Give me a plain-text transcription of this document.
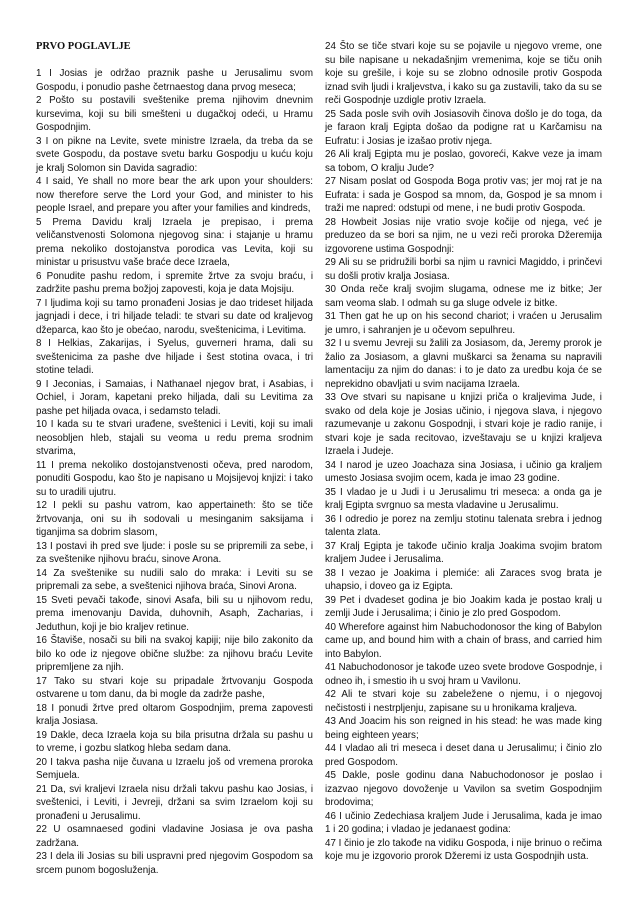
PRVO POGLAVLJE

1 I Josias je održao praznik pashe u Jerusalimu svom Gospodu, i ponudio pashe četrnaestog dana prvog meseca;

2 Pošto su postavili sveštenike prema njihovim dnevnim kursevima, koji su bili smešteni u dugačkoj odeći, u Hramu Gospodnjim.

3 I on pikne na Levite, svete ministre Izraela, da treba da se svete Gospodu, da postave svetu barku Gospodju u kuću koju je kralj Solomon sin Davida sagradio:

4 I said, Ye shall no more bear the ark upon your shoulders: now therefore serve the Lord your God, and minister to his people Israel, and prepare you after your families and kindreds,

5 Prema Davidu kralj Izraela je prepisao, i prema veličanstvenosti Solomona njegovog sina: i stajanje u hramu prema nekoliko dostojanstva porodica vas Levita, koji su ministar u prisustvu vaše braće dece Izraela,

6 Ponudite pashu redom, i spremite žrtve za svoju braću, i zadržite pashu prema božjoj zapovesti, koja je data Mojsiju.

7 I ljudima koji su tamo pronađeni Josias je dao trideset hiljada jagnjadi i dece, i tri hiljade teladi: te stvari su date od kraljevog džeparca, kao što je obećao, narodu, sveštenicima, i Levitima.

8 I Helkias, Zakarijas, i Syelus, guverneri hrama, dali su sveštenicima za pashe dve hiljade i šest stotina ovaca, i tri stotine teladi.

9 I Jeconias, i Samaias, i Nathanael njegov brat, i Asabias, i Ochiel, i Joram, kapetani preko hiljada, dali su Levitima za pashe pet hiljada ovaca, i sedamsto teladi.

10 I kada su te stvari urađene, sveštenici i Leviti, koji su imali neosobljen hleb, stajali su veoma u redu prema srodnim stvarima,

11 I prema nekoliko dostojanstvenosti očeva, pred narodom, ponuditi Gospodu, kao što je napisano u Mojsijevoj knjizi: i tako su to uradili ujutru.

12 I pekli su pashu vatrom, kao appertaineth: što se tiče žrtvovanja, oni su ih sodovali u mesinganim saksijama i tiganjima sa dobrim slasom,

13 I postavi ih pred sve ljude: i posle su se pripremili za sebe, i za sveštenike njihovu braću, sinove Arona.

14 Za sveštenike su nudili salo do mraka: i Leviti su se pripremali za sebe, a sveštenici njihova braća, Sinovi Arona.

15 Sveti pevači takođe, sinovi Asafa, bili su u njihovom redu, prema imenovanju Davida, duhovnih, Asaph, Zacharias, i Jeduthun, koji je bio kraljev retinue.

16 Štaviše, nosači su bili na svakoj kapiji; nije bilo zakonito da bilo ko ode iz njegove obične službe: za njihovu braću Levite pripremljene za njih.

17 Tako su stvari koje su pripadale žrtvovanju Gospoda ostvarene u tom danu, da bi mogle da zadrže pashe,

18 I ponudi žrtve pred oltarom Gospodnjim, prema zapovesti kralja Josiasa.

19 Dakle, deca Izraela koja su bila prisutna držala su pashu u to vreme, i gozbu slatkog hleba sedam dana.

20 I takva pasha nije čuvana u Izraelu još od vremena proroka Semjuela.

21 Da, svi kraljevi Izraela nisu držali takvu pashu kao Josias, i sveštenici, i Leviti, i Jevreji, držani sa svim Izraelom koji su pronađeni u Jerusalimu.

22 U osamnaesed godini vladavine Josiasa je ova pasha zadržana.

23 I dela ili Josias su bili uspravni pred njegovim Gospodom sa srcem punom bogosluženja.

24 Što se tiče stvari koje su se pojavile u njegovo vreme, one su bile napisane u nekadašnjim vremenima, koje se tiču onih koje su grešile, i koje su se zlobno odnosile protiv Gospoda iznad svih ljudi i kraljevstva, i kako su ga zustavili, tako da su se reči Gospodnje uzdigle protiv Izraela.

25 Sada posle svih ovih Josiasovih činova došlo je do toga, da je faraon kralj Egipta došao da podigne rat u Karčamisu na Eufratu: i Josias je izašao protiv njega.

26 Ali kralj Egipta mu je poslao, govoreći, Kakve veze ja imam sa tobom, O kralju Jude?

27 Nisam poslat od Gospoda Boga protiv vas; jer moj rat je na Eufrata: i sada je Gospod sa mnom, da, Gospod je sa mnom i traži me napred: odstupi od mene, i ne budi protiv Gospoda.

28 Howbeit Josias nije vratio svoje kočije od njega, već je preduzeo da se bori sa njim, ne u vezi reči proroka Džeremija izgovorene ustima Gospodnji:

29 Ali su se pridružili borbi sa njim u ravnici Magiddo, i prinčevi su došli protiv kralja Josiasa.

30 Onda reče kralj svojim slugama, odnese me iz bitke; Jer sam veoma slab. I odmah su ga sluge odvele iz bitke.

31 Then gat he up on his second chariot; i vraćen u Jerusalim je umro, i sahranjen je u očevom sepulhreu.

32 I u svemu Jevreji su žalili za Josiasom, da, Jeremy prorok je žalio za Josiasom, a glavni muškarci sa ženama su napravili lamentaciju za njim do danas: i to je dato za uredbu koja će se neprekidno obavljati u svim nacijama Izraela.

33 Ove stvari su napisane u knjizi priča o kraljevima Jude, i svako od dela koje je Josias učinio, i njegova slava, i njegovo razumevanje u zakonu Gospodnji, i stvari koje je radio ranije, i stvari koje je sada recitovao, izveštavaju se u knjizi kraljeva Izraela i Judeje.

34 I narod je uzeo Joachaza sina Josiasa, i učinio ga kraljem umesto Josiasa svojim ocem, kada je imao 23 godine.

35 I vladao je u Judi i u Jerusalimu tri meseca: a onda ga je kralj Egipta svrgnuo sa mesta vladavine u Jerusalimu.

36 I odredio je porez na zemlju stotinu talenata srebra i jednog talenta zlata.

37 Kralj Egipta je takođe učinio kralja Joakima svojim bratom kraljem Judee i Jerusalima.

38 I vezao je Joakima i plemiće: ali Zaraces svog brata je uhapsio, i doveo ga iz Egipta.

39 Pet i dvadeset godina je bio Joakim kada je postao kralj u zemlji Jude i Jerusalima; i činio je zlo pred Gospodom.

40 Wherefore against him Nabuchodonosor the king of Babylon came up, and bound him with a chain of brass, and carried him into Babylon.

41 Nabuchodonosor je takođe uzeo svete brodove Gospodnje, i odneo ih, i smestio ih u svoj hram u Vavilonu.

42 Ali te stvari koje su zabeležene o njemu, i o njegovoj nečistosti i nestrpljenju, zapisane su u hronikama kraljeva.

43 And Joacim his son reigned in his stead: he was made king being eighteen years;

44 I vladao ali tri meseca i deset dana u Jerusalimu; i činio zlo pred Gospodom.

45 Dakle, posle godinu dana Nabuchodonosor je poslao i izazvao njegovo dovoženje u Vavilon sa svetim Gospodnjim brodovima;

46 I učinio Zedechiasa kraljem Jude i Jerusalima, kada je imao 1 i 20 godina; i vladao je jedanaest godina:

47 I činio je zlo takođe na vidiku Gospoda, i nije brinuo o rečima koje mu je izgovorio prorok Džeremi iz usta Gospodnjih usta.
